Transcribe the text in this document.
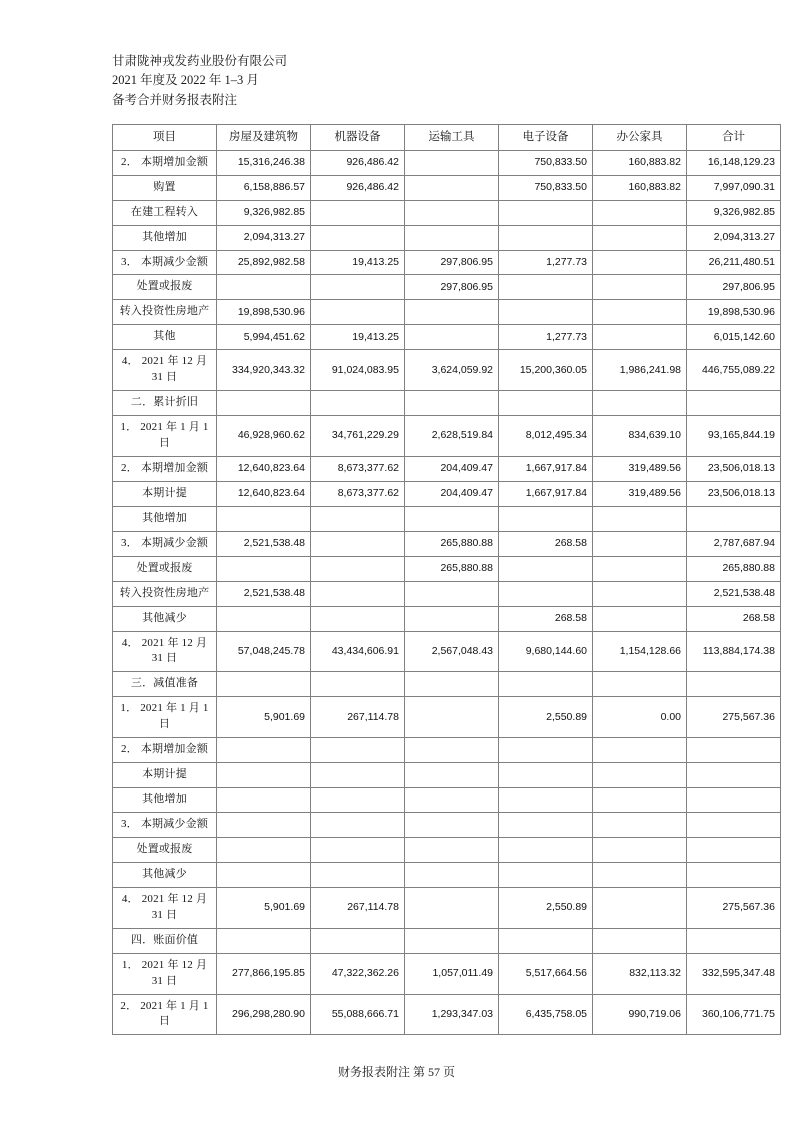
甘肃陇神戎发药业股份有限公司
2021 年度及 2022 年 1–3 月
备考合并财务报表附注
项目	房屋及建筑物	机器设备	运输工具	电子设备	办公家具	合计
2． 本期增加金额	15,316,246.38	926,486.42		750,833.50	160,883.82	16,148,129.23
购置	6,158,886.57	926,486.42		750,833.50	160,883.82	7,997,090.31
在建工程转入	9,326,982.85					9,326,982.85
其他增加	2,094,313.27					2,094,313.27
3． 本期减少金额	25,892,982.58	19,413.25	297,806.95	1,277.73		26,211,480.51
处置或报废			297,806.95			297,806.95
转入投资性房地产	19,898,530.96					19,898,530.96
其他	5,994,451.62	19,413.25		1,277.73		6,015,142.60
4． 2021 年 12 月 31 日	334,920,343.32	91,024,083.95	3,624,059.92	15,200,360.05	1,986,241.98	446,755,089.22
二．累计折旧						
1． 2021 年 1 月 1 日	46,928,960.62	34,761,229.29	2,628,519.84	8,012,495.34	834,639.10	93,165,844.19
2． 本期增加金额	12,640,823.64	8,673,377.62	204,409.47	1,667,917.84	319,489.56	23,506,018.13
本期计提	12,640,823.64	8,673,377.62	204,409.47	1,667,917.84	319,489.56	23,506,018.13
其他增加						
3． 本期减少金额	2,521,538.48		265,880.88	268.58		2,787,687.94
处置或报废			265,880.88			265,880.88
转入投资性房地产	2,521,538.48					2,521,538.48
其他减少				268.58		268.58
4． 2021 年 12 月 31 日	57,048,245.78	43,434,606.91	2,567,048.43	9,680,144.60	1,154,128.66	113,884,174.38
三．减值准备						
1． 2021 年 1 月 1 日	5,901.69	267,114.78		2,550.89	0.00	275,567.36
2． 本期增加金额						
本期计提						
其他增加						
3． 本期减少金额						
处置或报废						
其他减少						
4． 2021 年 12 月 31 日	5,901.69	267,114.78		2,550.89		275,567.36
四．账面价值						
1． 2021 年 12 月 31 日	277,866,195.85	47,322,362.26	1,057,011.49	5,517,664.56	832,113.32	332,595,347.48
2． 2021 年 1 月 1 日	296,298,280.90	55,088,666.71	1,293,347.03	6,435,758.05	990,719.06	360,106,771.75
财务报表附注 第 57 页
